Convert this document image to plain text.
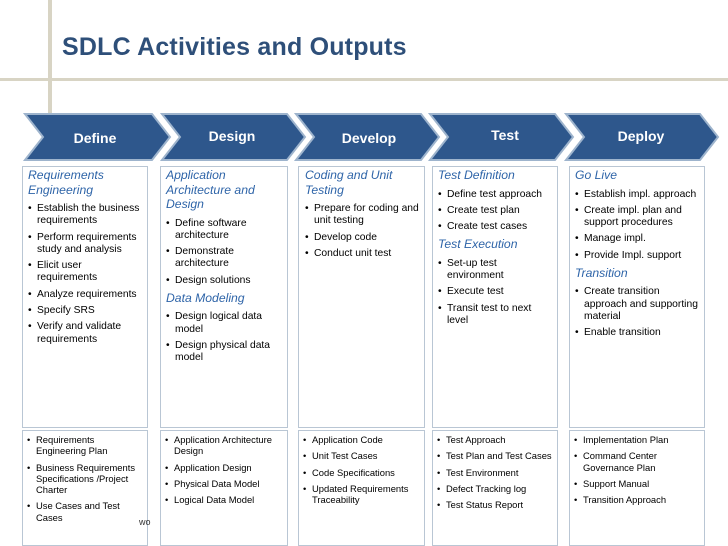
SDLC Activities and Outputs
Define	Design	Develop	Test	Deploy
Requirements Engineering
• Establish the business requirements
• Perform requirements study and analysis
• Elicit user requirements
• Analyze requirements
• Specify SRS
• Verify and validate requirements
Application Architecture and Design
• Define software architecture
• Demonstrate architecture
• Design solutions
Data Modeling
• Design logical data model
• Design physical data model
Coding and Unit Testing
• Prepare for coding and unit testing
• Develop code
• Conduct unit test
Test Definition
• Define test approach
• Create test plan
• Create test cases
Test Execution
• Set-up test environment
• Execute test
• Transit test to next level
Go Live
• Establish impl. approach
• Create impl. plan and support procedures
• Manage impl.
• Provide Impl. support
Transition
• Create transition approach and supporting material
• Enable transition
• Requirements Engineering Plan
• Business Requirements Specifications /Project Charter
• Use Cases and Test Cases
• Application Architecture Design
• Application Design
• Physical Data Model
• Logical Data Model
• Application Code
• Unit Test Cases
• Code Specifications
• Updated Requirements Traceability
• Test Approach
• Test Plan and Test Cases
• Test Environment
• Defect Tracking log
• Test Status Report
• Implementation Plan
• Command Center Governance Plan
• Support Manual
• Transition Approach
wo
